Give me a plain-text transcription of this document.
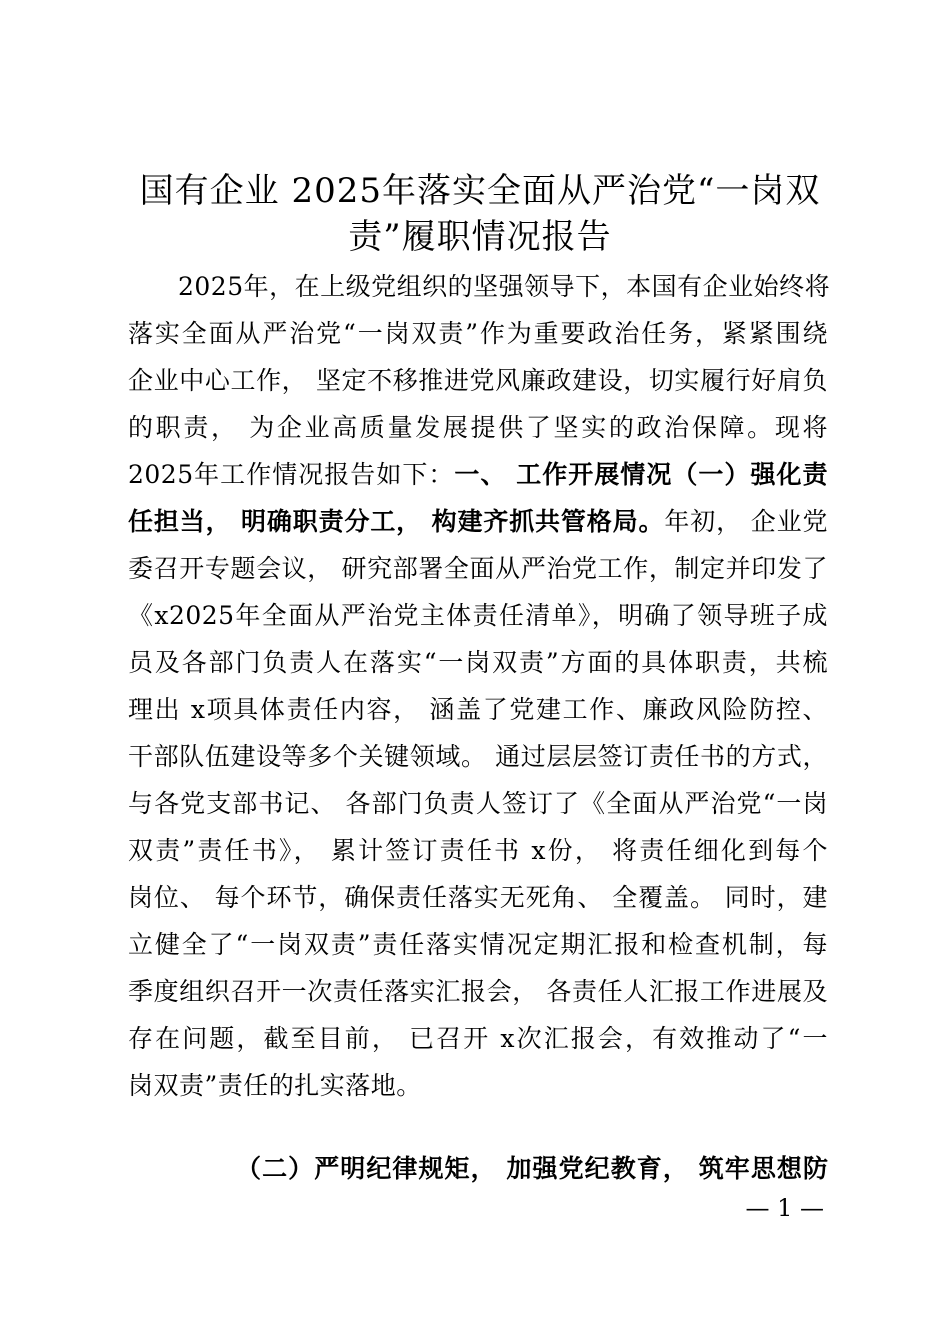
国有企业 2025年落实全面从严治党“一岗双
责”履职情况报告
2025年，在上级党组织的坚强领导下，本国有企业始终将
落实全面从严治党“一岗双责”作为重要政治任务，紧紧围绕
企业中心工作， 坚定不移推进党风廉政建设，切实履行好肩负
的职责， 为企业高质量发展提供了坚实的政治保障。现将
2025年工作情况报告如下：一、 工作开展情况（一）强化责
任担当， 明确职责分工， 构建齐抓共管格局。年初， 企业党
委召开专题会议， 研究部署全面从严治党工作，制定并印发了
《x2025年全面从严治党主体责任清单》，明确了领导班子成
员及各部门负责人在落实“一岗双责”方面的具体职责，共梳
理出 x项具体责任内容， 涵盖了党建工作、廉政风险防控、
干部队伍建设等多个关键领域。 通过层层签订责任书的方式，
与各党支部书记、 各部门负责人签订了《全面从严治党“一岗
双责”责任书》， 累计签订责任书 x份， 将责任细化到每个
岗位、 每个环节，确保责任落实无死角、 全覆盖。 同时，建
立健全了“一岗双责”责任落实情况定期汇报和检查机制，每
季度组织召开一次责任落实汇报会， 各责任人汇报工作进展及
存在问题，截至目前， 已召开 x次汇报会，有效推动了“一
岗双责”责任的扎实落地。
（二）严明纪律规矩， 加强党纪教育， 筑牢思想防
— 1 —
